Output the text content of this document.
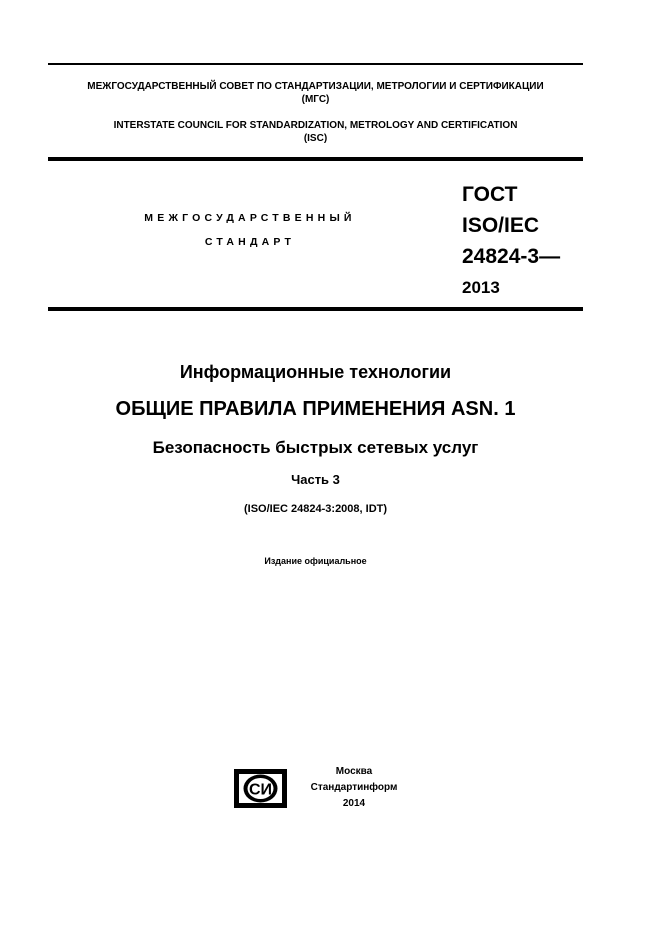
МЕЖГОСУДАРСТВЕННЫЙ СОВЕТ ПО СТАНДАРТИЗАЦИИ, МЕТРОЛОГИИ И СЕРТИФИКАЦИИ
(МГС)
INTERSTATE COUNCIL FOR STANDARDIZATION, METROLOGY AND CERTIFICATION
(ISC)
МЕЖГОСУДАРСТВЕННЫЙ
СТАНДАРТ
ГОСТ
ISO/IEC
24824-3—
2013
Информационные технологии
ОБЩИЕ ПРАВИЛА ПРИМЕНЕНИЯ ASN. 1
Безопасность быстрых сетевых услуг
Часть 3
(ISO/IEC 24824-3:2008, IDT)
Издание официальное
СИ
Москва
Стандартинформ
2014
